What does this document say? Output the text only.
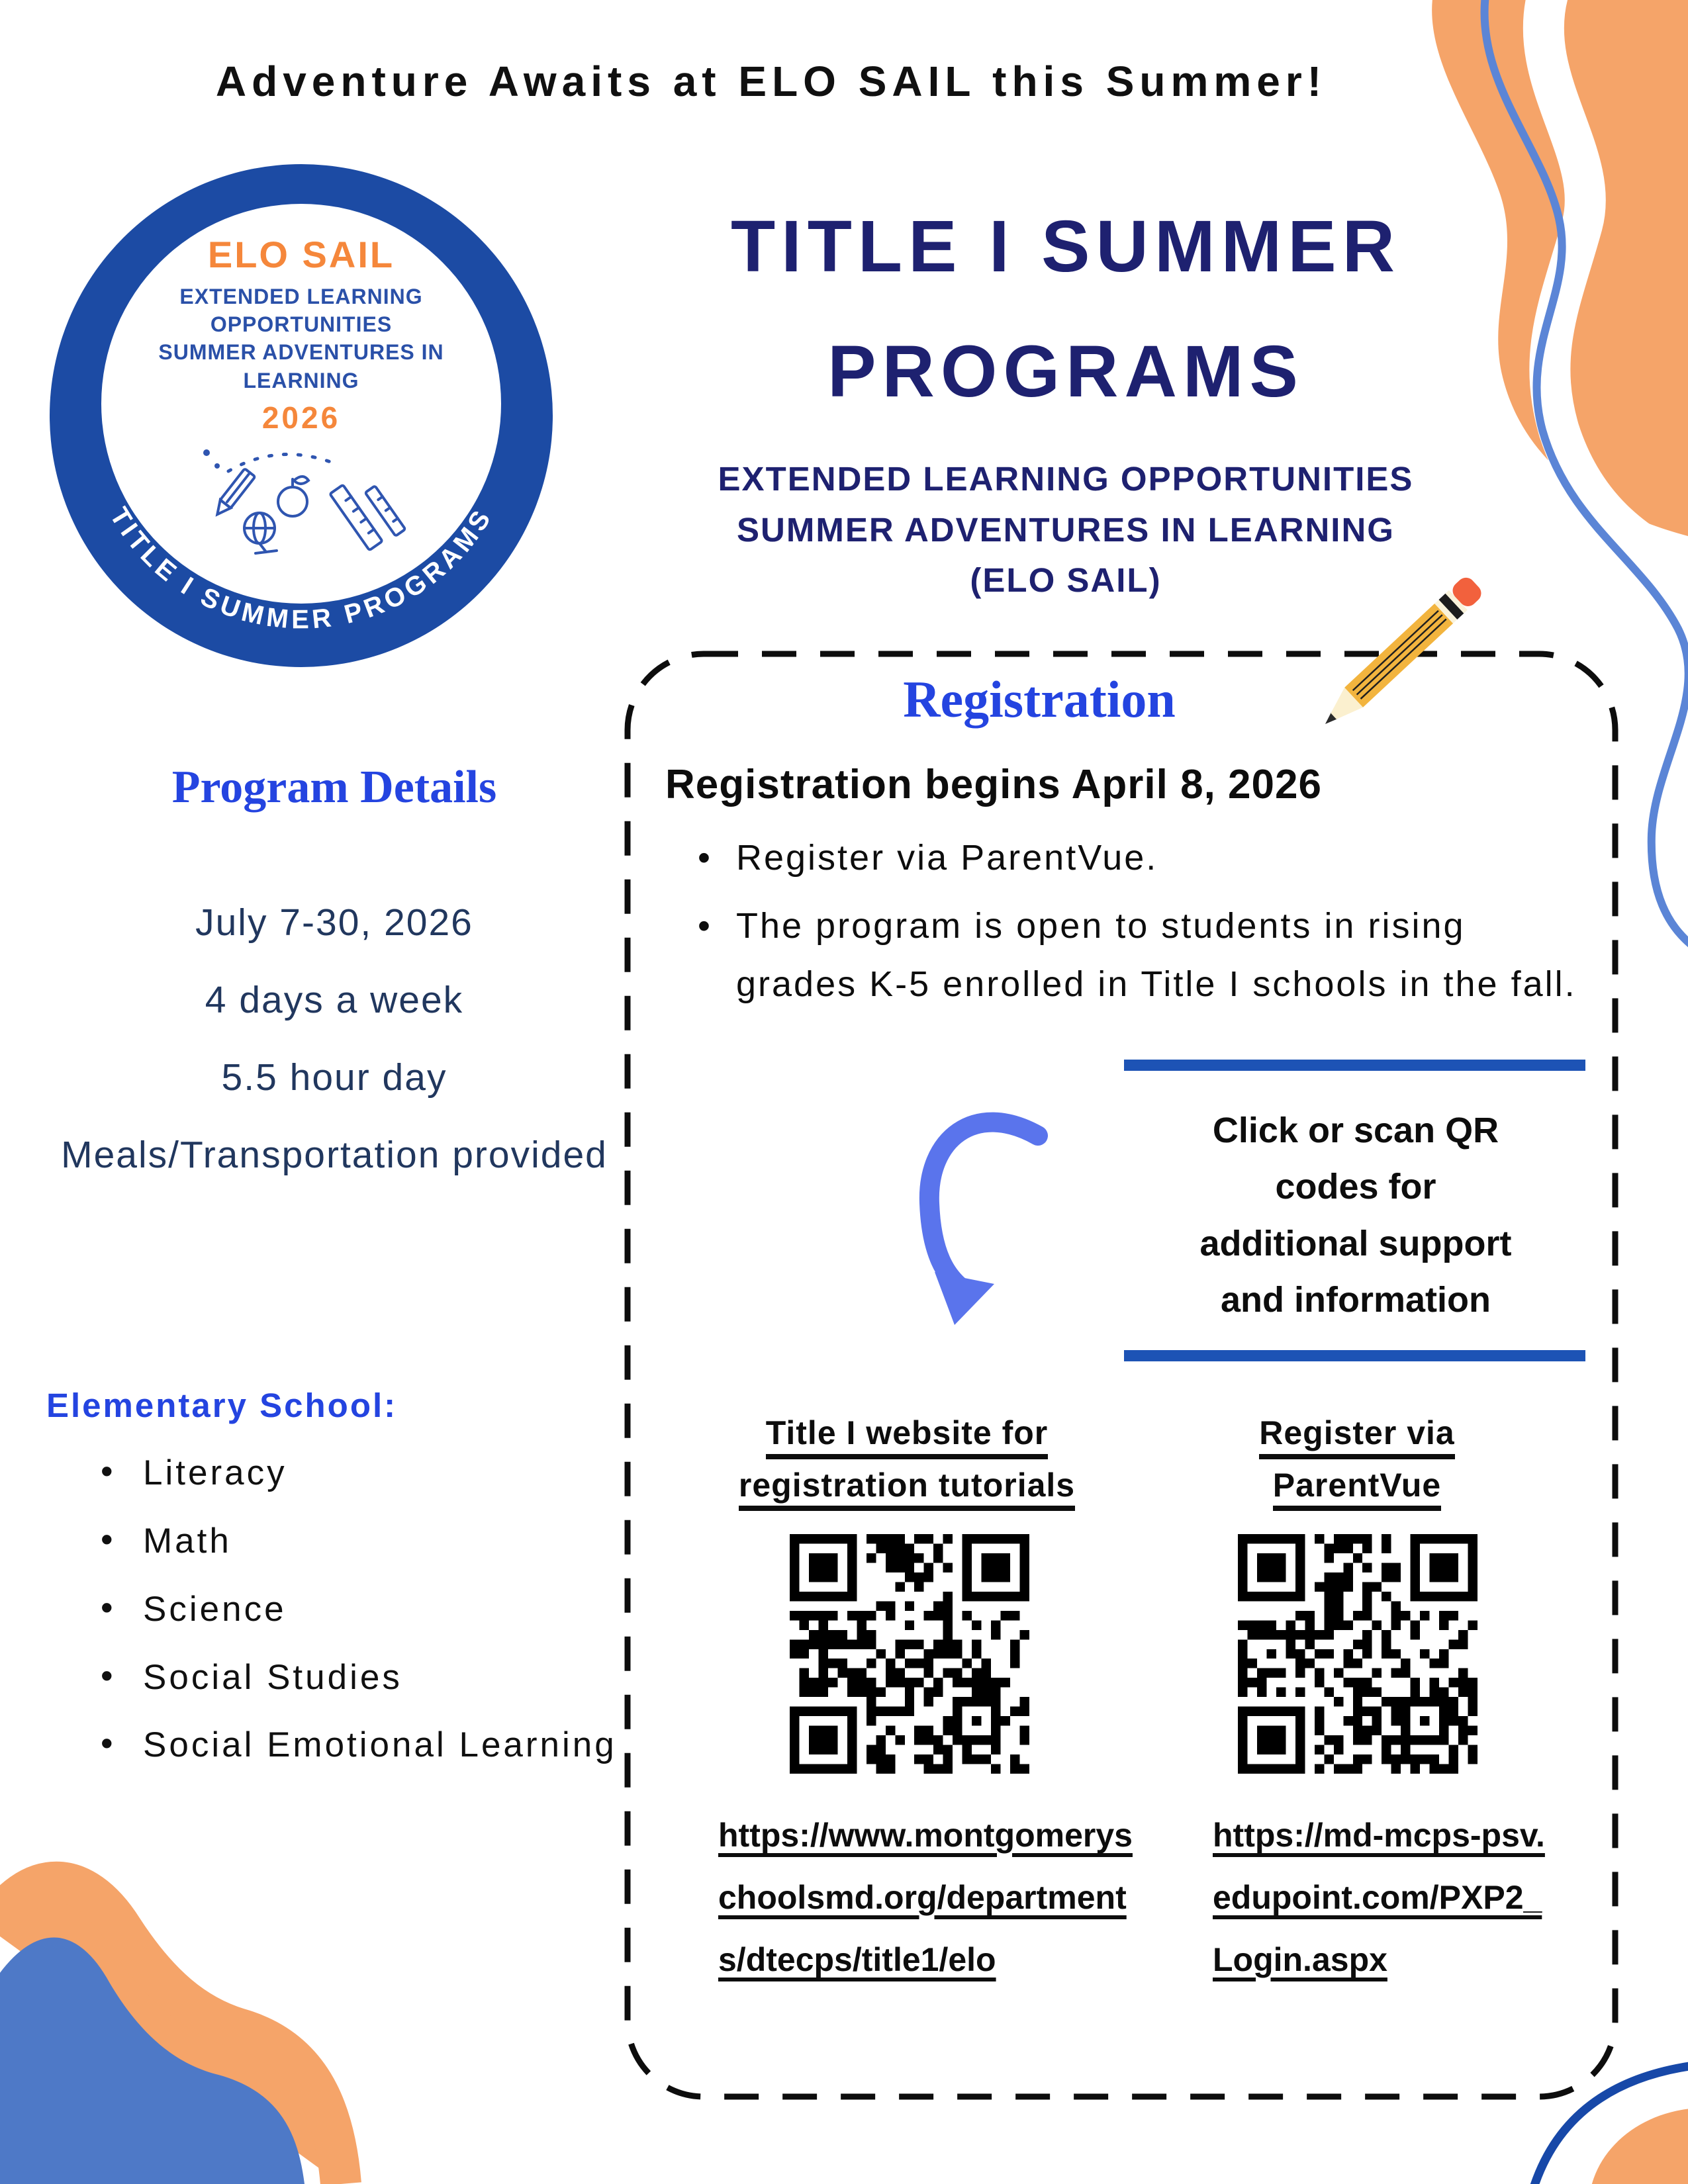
Adventure Awaits at ELO SAIL this Summer!
ELO SAIL
EXTENDED LEARNING
OPPORTUNITIES
SUMMER ADVENTURES IN
LEARNING
2026
TITLE I SUMMER PROGRAMS
TITLE I SUMMER
PROGRAMS
EXTENDED LEARNING OPPORTUNITIES
SUMMER ADVENTURES IN LEARNING
(ELO SAIL)
Program Details
July 7-30, 2026
4 days a week
5.5 hour day
Meals/Transportation provided
Elementary School:
• Literacy
• Math
• Science
• Social Studies
• Social Emotional Learning
Registration
Registration begins April 8, 2026
• Register via ParentVue.
• The program is open to students in rising grades K-5 enrolled in Title I schools in the fall.
Click or scan QR
codes for
additional support
and information
Title I website for
registration tutorials
Register via
ParentVue
https://www.montgomeryschoolsmd.org/departments/dtecps/title1/elo
https://md-mcps-psv.edupoint.com/PXP2_Login.aspx
